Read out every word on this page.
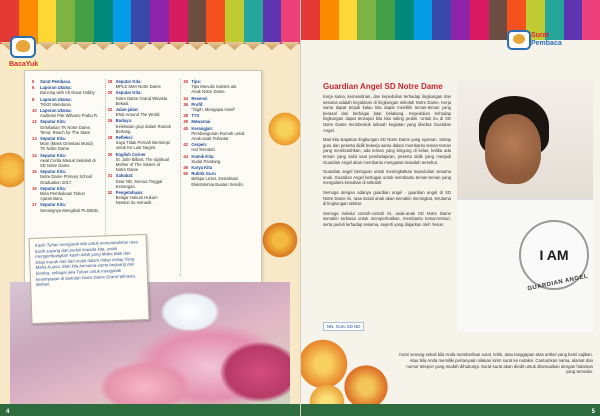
BacaYuk
5	Surat Pembaca
6	Laporan Utama:
Dancing with All About Hobby
8	Laporan Utama:
TKKD Mendonia
10 Laporan Utama:
Audiensi Pak Wilvano Prabu R.
12 Seputar Kita:
Grisikatian TK Notre Dame.
Tema: Reach for The Stars
13 Seputar Kita:
Mom (Mass Orientasi Murid)
TK Notre Dame
14 Seputar Kita:
Awal Cerita Masuk Sekolah di
SD Notre Dame.
15 Seputar Kita:
Notre Dame Primary School
Graduation 2017.
16 Seputar Kita:
Misa Pembukaan Tahun
Ajaran Baru.
17 Seputar Kita:
Senangnya Mengikuti PLSBSB.
18 Seputar Kita:
MPLS SMA Notre Dame
20 Seputar Kita:
Notre Dame Grand Winasta
Bekasi.
22 Jalan-jalan:
END Around The World.
26 Budaya:
Kelekatan grup dalam Rumah
Bertang.
28 Refleksi:
Saya Tidak Pernah Bermimpi
untuk Ke Luar Negeri.
30 English Corner
St. Julie Billiart, The Spiritual
Mother of The Sisters of
Notre Dame
31 Sahabat:
Dear ND, Semua Tinggal
Kenangan.
32 Pengetahuan:
Belajar Hukum Hukum
Newton itu menarik.
33 Tips:
Tips Menulis Sukses ala
Anak Notre Dame.
34 Resensi
36 Profil:
"Gigih, Mengapai Hasil"
38 TTS
39 Mewarnai
40 Kerangjan:
Pembangunan Rumah untuk
Anak-anak Terlantar
42 Cerpen:
Hal Terindah.
44 Komik Kita:
Sudut Pandang.
46 Karya Kita
50 Rubrik Guru
Belajar Lezat, Sosialisasi
Elektrokimia Buatan Sendiri.

Kasih Tuhan mengarah kita untuk menumbuhkan rasa kasih sayang dan peduli kepada kita, untuk mengembangkan kasih Allah yang Maha Baik dan tetap murah hati dan mulia dalam hidup setiap Yang Maha Kuasa. Mari kita bersama-sama berjuang dan berdoa, sebagai jiwa Tuhan untuk mengubah kesempatan di Sekolah Notre Dame Grand Winasta, Bekasi.

4
Surat
Pembaca
Guardian Angel SD Notre Dame

Kerja sama, kemandirian, dan kepedulian terhadap lingkungan dan sesama adalah keyakinan di lingkungan sekolah Notre Dame. Kerja sama dapat terjadi kalau kita dapat memiliki teman-teman yang berasal dari berbagai latar belakang. Kepedulian terhadap lingkungan dapat terwujud bila kita saling peduli. Untuk itu di SD Notre Dame membentuk sebuah kegiatan yang disebut Guardian Angel.

Mari kita siapakan lingkungan SD Notre Dame yang nyaman. Setiap guru dan peserta didik bekerja sama dalam membantu teman-teman yang membutuhkan, ada teman yang bingung di kelas, ketika ada teman yang sakit saat pembelajaran, peserta didik yang menjadi Guardian Angel akan membantu mengatasi masalah tersebut.

Guardian angel bertujuan untuk meningkatkan kepedulian sesama anak. Guardian Angel bertugas untuk membantu teman-teman yang mengalami kesulitan di sekolah.

Semoga dengan adanya guardian angel - guardian angel di SD Notre Dame ini, rasa sosial anak akan semakin meningkat, terutama di lingkungan sekitar.

Semoga melalui contoh-contoh ini, anak-anak SD Notre Dame semakin terbiasa untuk memperhatikan, membantu teman-teman, serta peduli terhadap sesama, seperti yang diajarkan oleh Yesus.

NN, Guru SD ND
I AM
GUARDIAN ANGEL
Kami senang sekali bila Anda memberikan surat, kritik, atau tanggapan atas artikel yang kami sajikan. Atau bila Anda memiliki pertanyaan silakan kirim surat ke redaksi. Cantumkan nama, alamat dan nomor telepon yang mudah dihubungi. Surat-surat akan diedit untuk disesuaikan dengan halaman yang tersedia.
5
